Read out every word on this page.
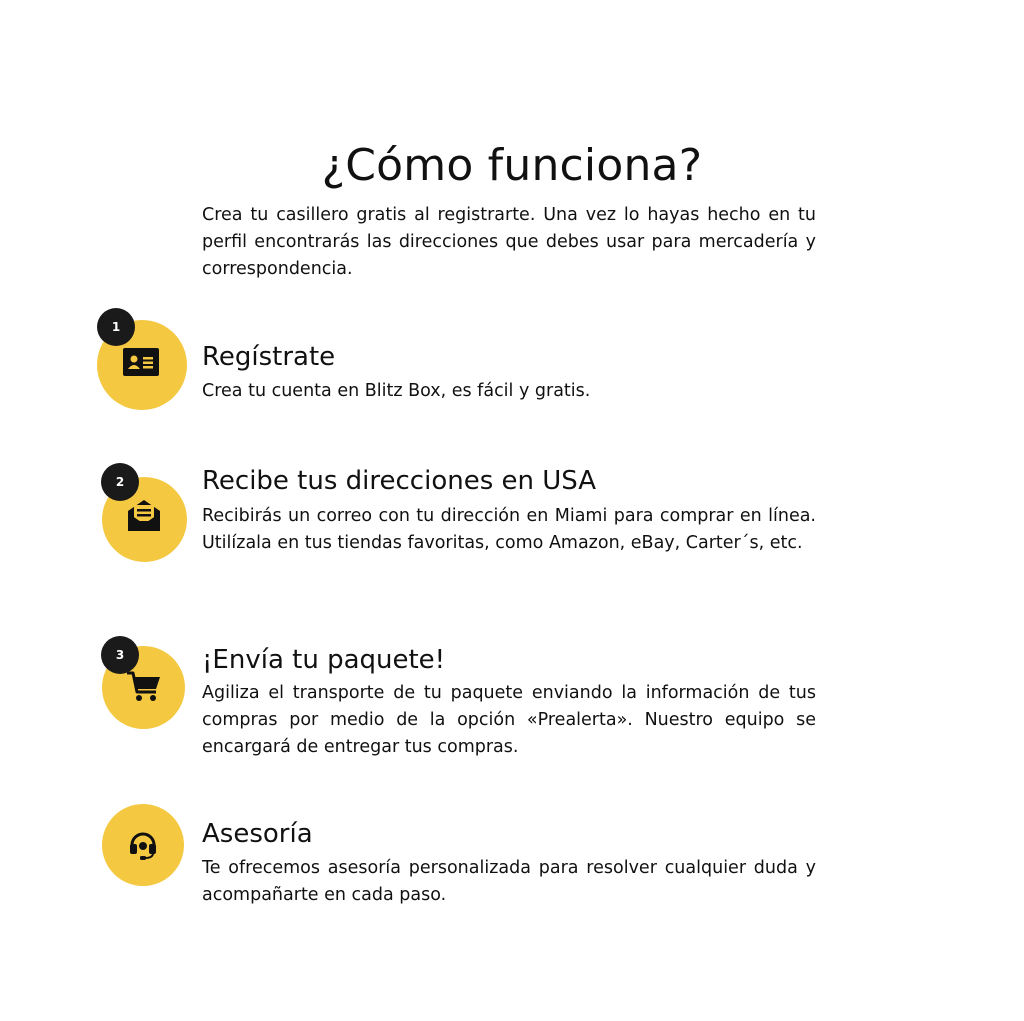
¿Cómo funciona?
Crea tu casillero gratis al registrarte. Una vez lo hayas hecho en tu perfil encontrarás las direcciones que debes usar para mercadería y correspondencia.
1
Regístrate
Crea tu cuenta en Blitz Box, es fácil y gratis.
2	Recibe tus direcciones en USA
Recibirás un correo con tu dirección en Miami para comprar en línea. Utilízala en tus tiendas favoritas, como Amazon, eBay, Carter´s, etc.
3	¡Envía tu paquete!
Agiliza el transporte de tu paquete enviando la información de tus compras por medio de la opción «Prealerta». Nuestro equipo se encargará de entregar tus compras.
Asesoría
Te ofrecemos asesoría personalizada para resolver cualquier duda y acompañarte en cada paso.
